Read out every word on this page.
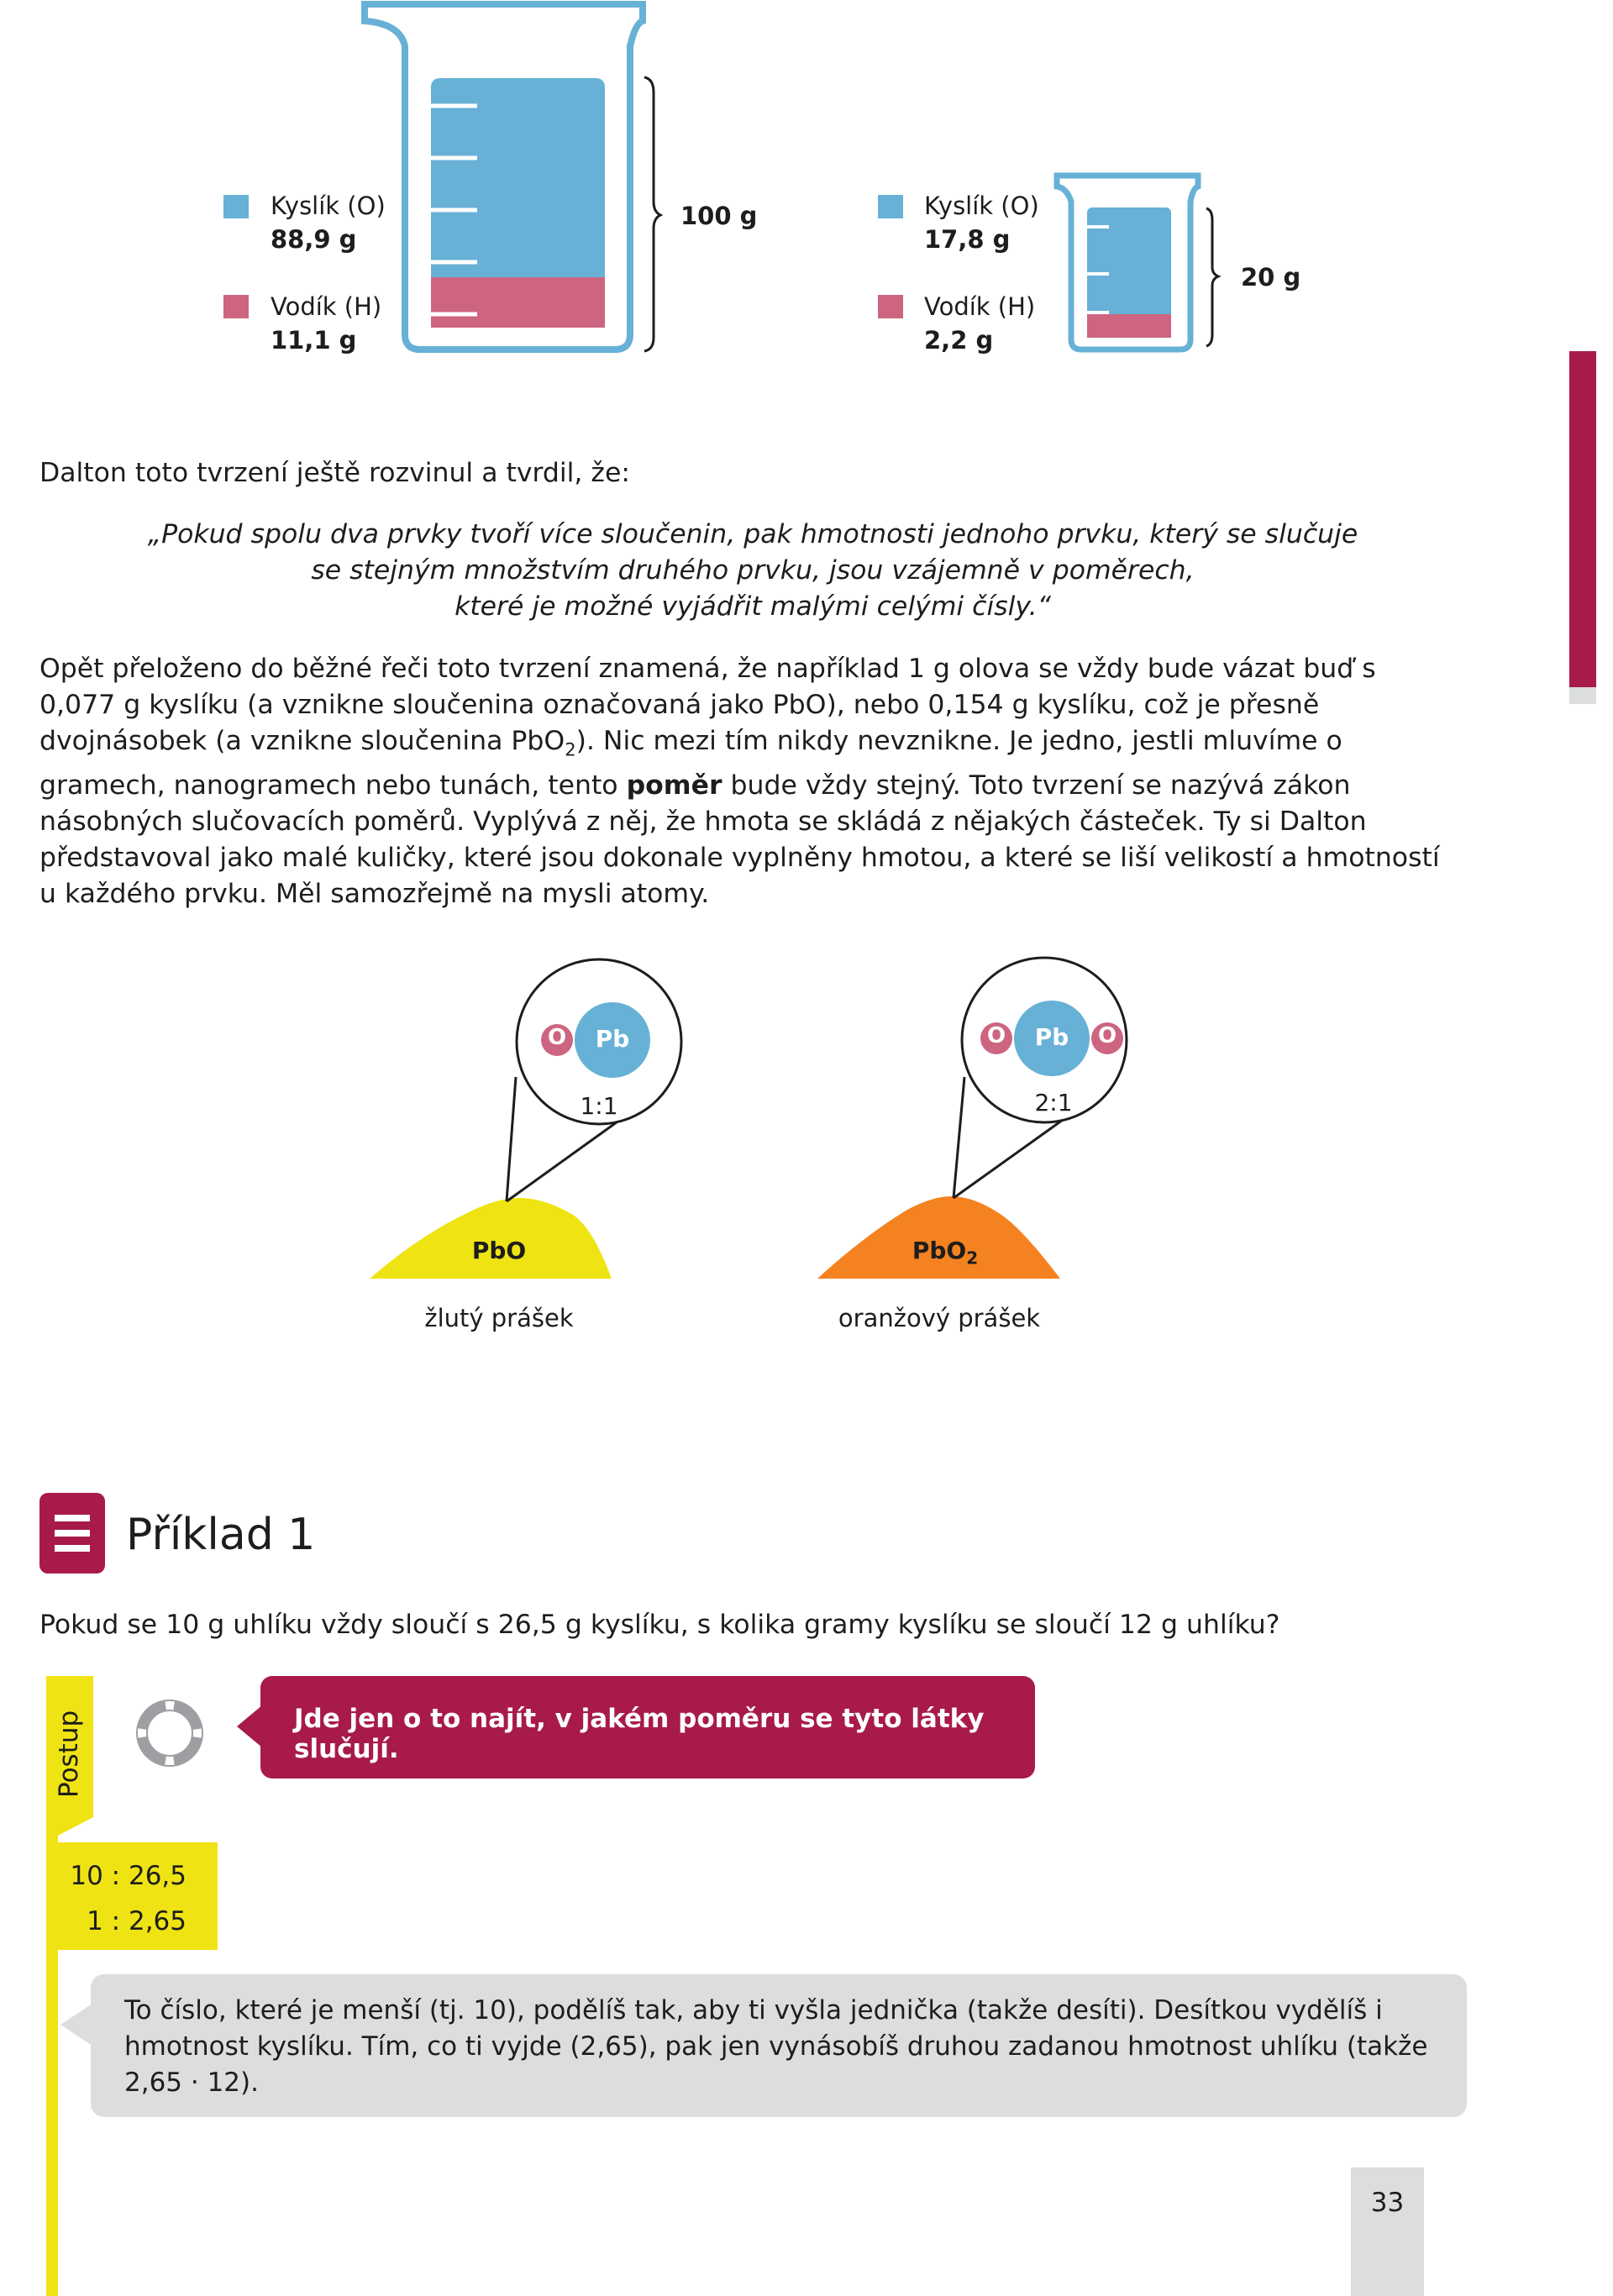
Kyslík (O)
88,9 g
Vodík (H)
11,1 g
100 g	Kyslík (O)
17,8 g
Vodík (H)
2,2 g
20 g

Dalton toto tvrzení ještě rozvinul a tvrdil, že:

„Pokud spolu dva prvky tvoří více sloučenin, pak hmotnosti jednoho prvku, který se slučuje

se stejným množstvím druhého prvku, jsou vzájemně v poměrech,

které je možné vyjádřit malými celými čísly.“

Opět přeloženo do běžné řeči toto tvrzení znamená, že například 1 g olova se vždy bude vázat buď s 0,077 g kyslíku (a vznikne sloučenina označovaná jako PbO), nebo 0,154 g kyslíku, což je přesně dvojnásobek (a vznikne sloučenina PbO$_2$). Nic mezi tím nikdy nevznikne. Je jedno, jestli mluvíme o gramech, nanogramech nebo tunách, tento poměr bude vždy stejný. Toto tvrzení se nazývá zákon násobných slučovacích poměrů. Vyplývá z něj, že hmota se skládá z nějakých částeček. Ty si Dalton představoval jako malé kuličky, které jsou dokonale vyplněny hmotou, a které se liší velikostí a hmotností u každého prvku. Měl samozřejmě na mysli atomy.

O	Pb
1:1
PbO
žlutý prášek
O	Pb	O
2:1
PbO$_2$
oranžový prášek
Příklad 1

Pokud se 10 g uhlíku vždy sloučí s 26,5 g kyslíku, s kolika gramy kyslíku se sloučí 12 g uhlíku?

Postup	Jde jen o to najít, v jakém poměru se tyto látky slučují.
10 : 26,5
1 : 2,65
To číslo, které je menší (tj. 10), podělíš tak, aby ti vyšla jednička (takže desíti). Desítkou vydělíš i hmotnost kyslíku. Tím, co ti vyjde (2,65), pak jen vynásobíš druhou zadanou hmotnost uhlíku (takže 2,65 · 12).
33
